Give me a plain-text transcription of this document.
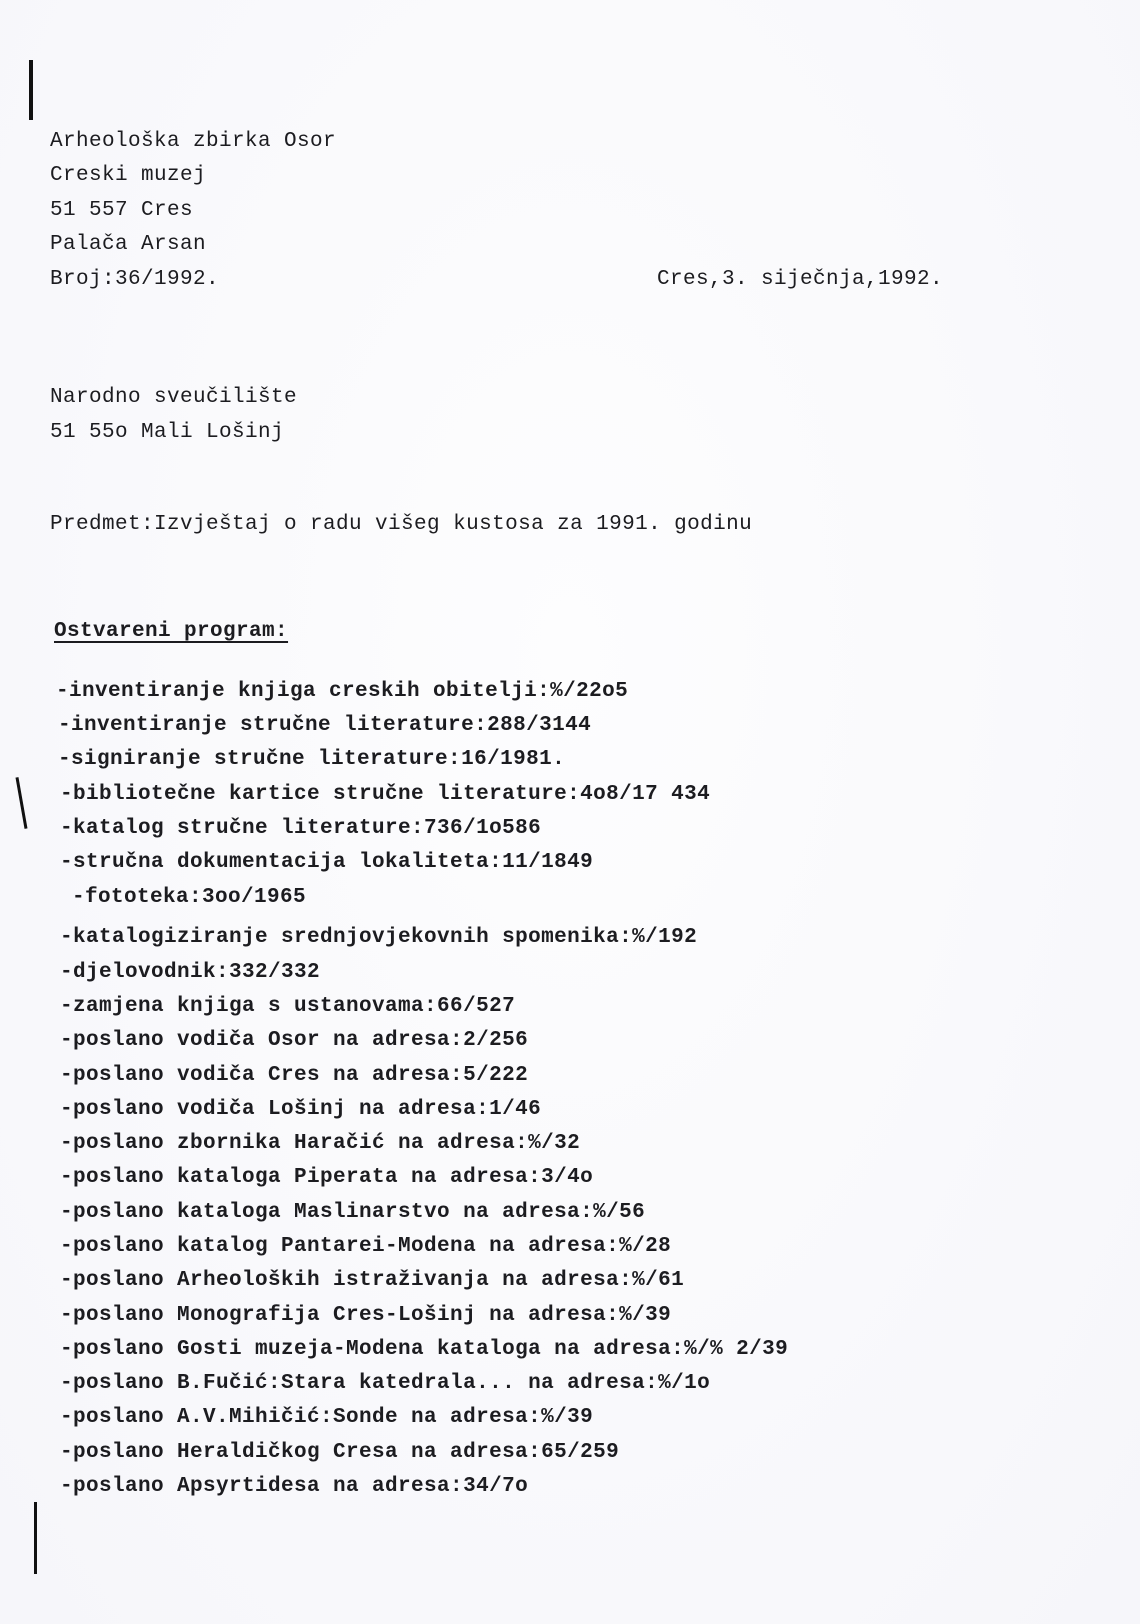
Arheološka zbirka Osor
Creski muzej
51 557 Cres
Palača Arsan
Broj:36/1992.	Cres,3. siječnja,1992.
Narodno sveučilište
51 55o Mali Lošinj
Predmet:Izvještaj o radu višeg kustosa za 1991. godinu
Ostvareni program:
-inventiranje knjiga creskih obitelji:%/22o5
-inventiranje stručne literature:288/3144
-signiranje stručne literature:16/1981.
-bibliotečne kartice stručne literature:4o8/17 434
-katalog stručne literature:736/1o586
-stručna dokumentacija lokaliteta:11/1849
-fototeka:3oo/1965
-katalogiziranje srednjovjekovnih spomenika:%/192
-djelovodnik:332/332
-zamjena knjiga s ustanovama:66/527
-poslano vodiča Osor na adresa:2/256
-poslano vodiča Cres na adresa:5/222
-poslano vodiča Lošinj na adresa:1/46
-poslano zbornika Haračić na adresa:%/32
-poslano kataloga Piperata na adresa:3/4o
-poslano kataloga Maslinarstvo na adresa:%/56
-poslano katalog Pantarei-Modena na adresa:%/28
-poslano Arheoloških istraživanja na adresa:%/61
-poslano Monografija Cres-Lošinj na adresa:%/39
-poslano Gosti muzeja-Modena kataloga na adresa:%/% 2/39
-poslano B.Fučić:Stara katedrala... na adresa:%/1o
-poslano A.V.Mihičić:Sonde na adresa:%/39
-poslano Heraldičkog Cresa na adresa:65/259
-poslano Apsyrtidesa na adresa:34/7o
